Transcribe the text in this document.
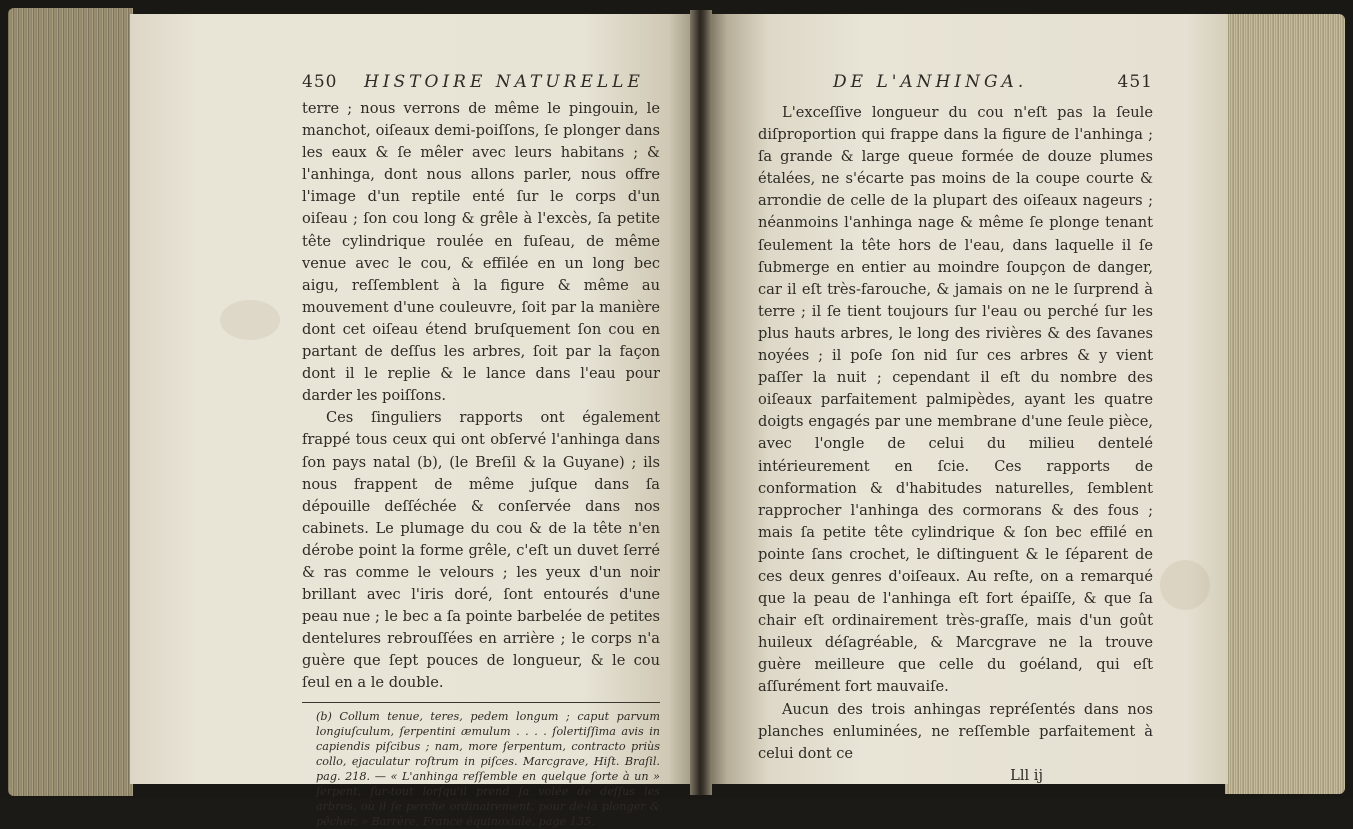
450 HISTOIRE NATURELLE

terre ; nous verrons de même le pingouin, le manchot, oiſeaux demi-poiſſons, ſe plonger dans les eaux & ſe mêler avec leurs habitans ; & l'anhinga, dont nous allons parler, nous offre l'image d'un reptile enté ſur le corps d'un oiſeau ; ſon cou long & grêle à l'excès, ſa petite tête cylindrique roulée en fuſeau, de même venue avec le cou, & effilée en un long bec aigu, reſſemblent à la figure & même au mouvement d'une couleuvre, ſoit par la manière dont cet oiſeau étend bruſquement ſon cou en partant de deſſus les arbres, ſoit par la façon dont il le replie & le lance dans l'eau pour darder les poiſſons.

Ces ſinguliers rapports ont également frappé tous ceux qui ont obſervé l'anhinga dans ſon pays natal (b), (le Breſil & la Guyane) ; ils nous frappent de même juſque dans ſa dépouille deſſéchée & conſervée dans nos cabinets. Le plumage du cou & de la tête n'en dérobe point la forme grêle, c'eſt un duvet ſerré & ras comme le velours ; les yeux d'un noir brillant avec l'iris doré, ſont entourés d'une peau nue ; le bec a ſa pointe barbelée de petites dentelures rebrouſſées en arrière ; le corps n'a guère que ſept pouces de longueur, & le cou ſeul en a le double.

(b) Collum tenue, teres, pedem longum ; caput parvum longiuſculum, ſerpentini æmulum . . . . ſolertiſſima avis in capiendis piſcibus ; nam, more ſerpentum, contracto priùs collo, ejaculatur roſtrum in piſces. Marcgrave, Hiſt. Braſil. pag. 218. — « L'anhinga reſſemble en quelque ſorte à un » ſerpent, ſur-tout lorſqu'il prend ſa volée de deſſus les arbres, où il ſe perche ordinairement, pour de-là plonger & pêcher. » Barrère, France équinoxiale, page 135.
DE L'ANHINGA.	451

L'exceſſive longueur du cou n'eſt pas la ſeule diſproportion qui frappe dans la figure de l'anhinga ; ſa grande & large queue formée de douze plumes étalées, ne s'écarte pas moins de la coupe courte & arrondie de celle de la plupart des oiſeaux nageurs ; néanmoins l'anhinga nage & même ſe plonge tenant ſeulement la tête hors de l'eau, dans laquelle il ſe ſubmerge en entier au moindre ſoupçon de danger, car il eſt très-farouche, & jamais on ne le ſurprend à terre ; il ſe tient toujours ſur l'eau ou perché ſur les plus hauts arbres, le long des rivières & des ſavanes noyées ; il poſe ſon nid ſur ces arbres & y vient paſſer la nuit ; cependant il eſt du nombre des oiſeaux parfaitement palmipèdes, ayant les quatre doigts engagés par une membrane d'une ſeule pièce, avec l'ongle de celui du milieu dentelé intérieurement en ſcie. Ces rapports de conformation & d'habitudes naturelles, ſemblent rapprocher l'anhinga des cormorans & des fous ; mais ſa petite tête cylindrique & ſon bec effilé en pointe ſans crochet, le diſtinguent & le ſéparent de ces deux genres d'oiſeaux. Au reſte, on a remarqué que la peau de l'anhinga eſt fort épaiſſe, & que ſa chair eſt ordinairement très-graſſe, mais d'un goût huileux déſagréable, & Marcgrave ne la trouve guère meilleure que celle du goéland, qui eſt aſſurément fort mauvaiſe.

Aucun des trois anhingas repréſentés dans nos planches enluminées, ne reſſemble parfaitement à celui dont ce

Lll ij
